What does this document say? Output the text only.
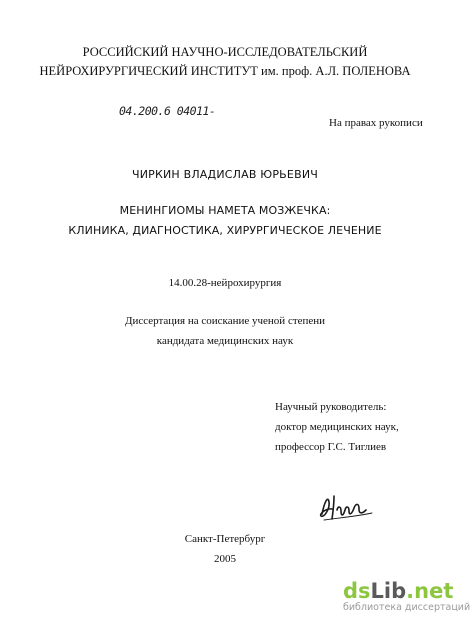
РОССИЙСКИЙ НАУЧНО-ИССЛЕДОВАТЕЛЬСКИЙ
НЕЙРОХИРУРГИЧЕСКИЙ ИНСТИТУТ им. проф. А.Л. ПОЛЕНОВА
04.200.6 04011-
На правах рукописи
ЧИРКИН ВЛАДИСЛАВ ЮРЬЕВИЧ
МЕНИНГИОМЫ НАМЕТА МОЗЖЕЧКА:
КЛИНИКА, ДИАГНОСТИКА, ХИРУРГИЧЕСКОЕ ЛЕЧЕНИЕ
14.00.28-нейрохирургия
Диссертация на соискание ученой степени
кандидата медицинских наук
Научный руководитель:
доктор медицинских наук,
профессор Г.С. Тиглиев
Санкт-Петербург
2005
dsLib.net
библиотека диссертаций
